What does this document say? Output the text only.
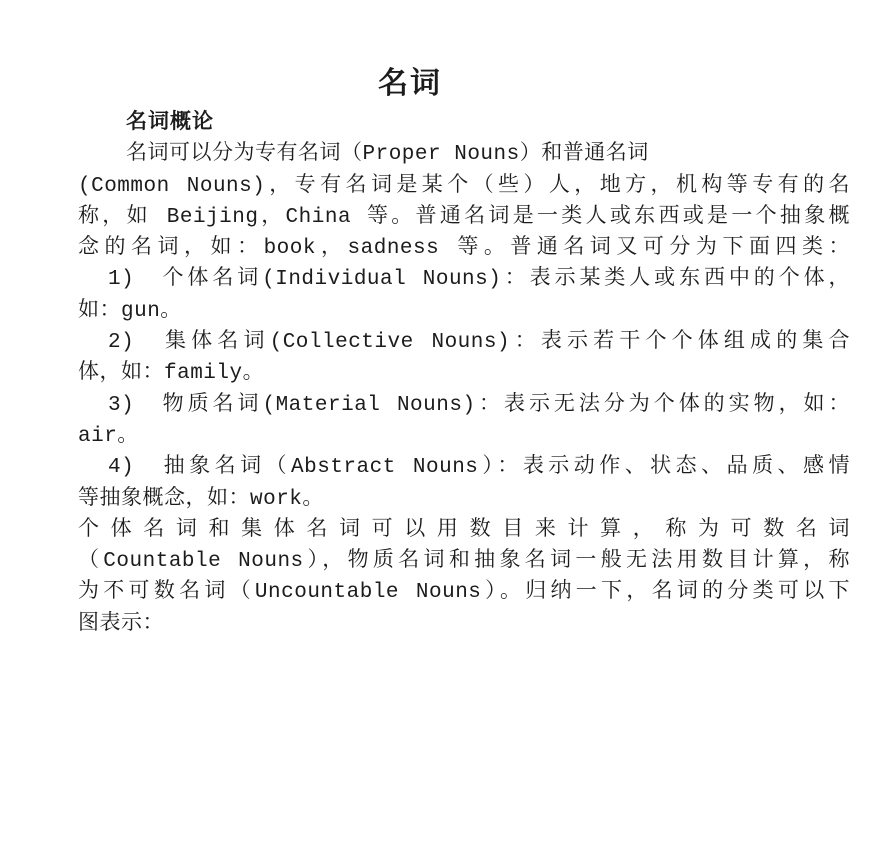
名词
名词概论
名词可以分为专有名词（Proper Nouns）和普通名词
(Common Nouns)，专有名词是某个（些）人，地方，机构等专有的名
称，如 Beijing，China 等。普通名词是一类人或东西或是一个抽象概
念的名词，如：book，sadness 等。普通名词又可分为下面四类：
1)　个体名词(Individual Nouns)：表示某类人或东西中的个体，
如：gun。
2)　集体名词(Collective Nouns)：表示若干个个体组成的集合
体，如：family。
3)　物质名词(Material Nouns)：表示无法分为个体的实物，如：
air。
4)　抽象名词（Abstract Nouns）：表示动作、状态、品质、感情
等抽象概念，如：work。
个体名词和集体名词可以用数目来计算，称为可数名词
（Countable Nouns），物质名词和抽象名词一般无法用数目计算，称
为不可数名词（Uncountable Nouns）。归纳一下，名词的分类可以下
图表示：
